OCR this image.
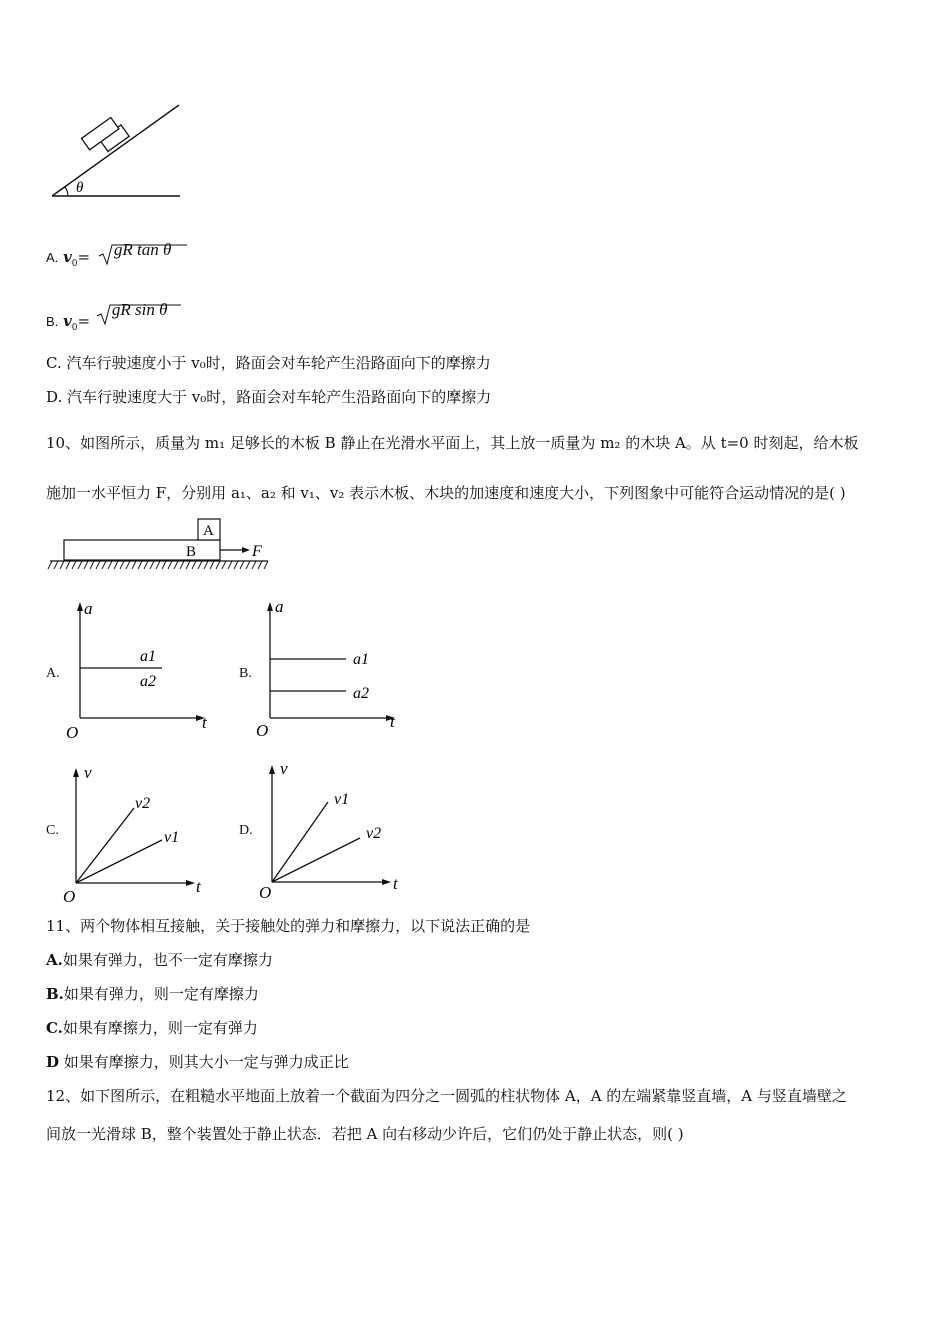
θ
A. $v_0=$ gR tan θ
B. $v_0=$
gR sin θ
C. 汽车行驶速度小于 v₀时，路面会对车轮产生沿路面向下的摩擦力
D. 汽车行驶速度大于 v₀时，路面会对车轮产生沿路面向下的摩擦力
10、如图所示，质量为 m₁ 足够长的木板 B 静止在光滑水平面上，其上放一质量为 m₂ 的木块 A。从 t=0 时刻起，给木板
施加一水平恒力 F，分别用 a₁、a₂ 和 v₁、v₂ 表示木板、木块的加速度和速度大小，下列图象中可能符合运动情况的是( )
A
B	F
A.
a
t
O
a1
a2	B.
a
t
O
a1
a2
C.
v
t
O
v2
v1	D.
v
t
O
v1
v2
11、两个物体相互接触，关于接触处的弹力和摩擦力，以下说法正确的是
A.如果有弹力，也不一定有摩擦力
B.如果有弹力，则一定有摩擦力
C.如果有摩擦力，则一定有弹力
D 如果有摩擦力，则其大小一定与弹力成正比
12、如下图所示，在粗糙水平地面上放着一个截面为四分之一圆弧的柱状物体 A，A 的左端紧靠竖直墙，A 与竖直墙壁之
间放一光滑球 B，整个装置处于静止状态．若把 A 向右移动少许后，它们仍处于静止状态，则( )
